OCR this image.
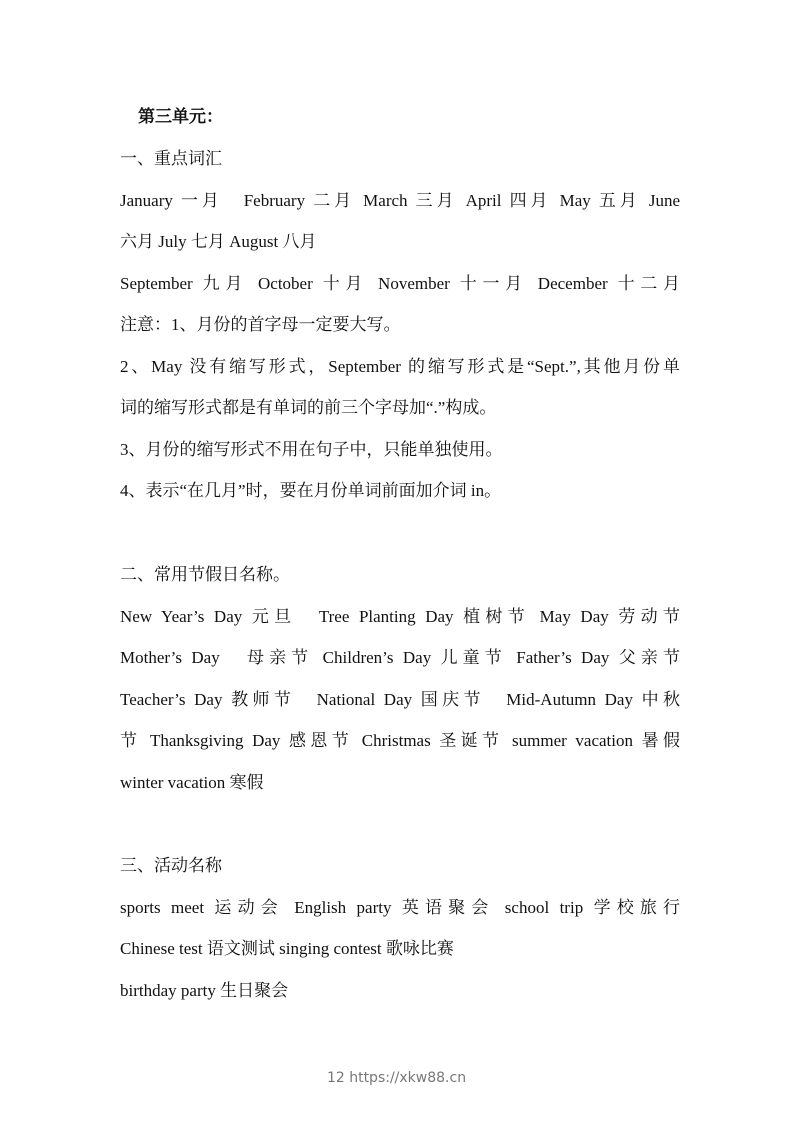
第三单元：
一、重点词汇
January 一月　February 二月 March 三月 April 四月 May 五月 June
六月 July 七月 August 八月
September 九月 October 十月 November 十一月 December 十二月
注意：1、月份的首字母一定要大写。
2、May 没有缩写形式，September 的缩写形式是“Sept.”,其他月份单
词的缩写形式都是有单词的前三个字母加“.”构成。
3、月份的缩写形式不用在句子中，只能单独使用。
4、表示“在几月”时，要在月份单词前面加介词 in。
二、常用节假日名称。
New Year’s Day 元旦　Tree Planting Day 植树节 May Day 劳动节
Mother’s Day　母亲节 Children’s Day 儿童节 Father’s Day 父亲节
Teacher’s Day 教师节　National Day 国庆节　Mid-Autumn Day 中秋
节 Thanksgiving Day 感恩节 Christmas 圣诞节 summer vacation 暑假
winter vacation 寒假
三、活动名称
sports meet 运动会 English party 英语聚会 school trip 学校旅行
Chinese test 语文测试 singing contest 歌咏比赛
birthday party 生日聚会
12 https://xkw88.cn
